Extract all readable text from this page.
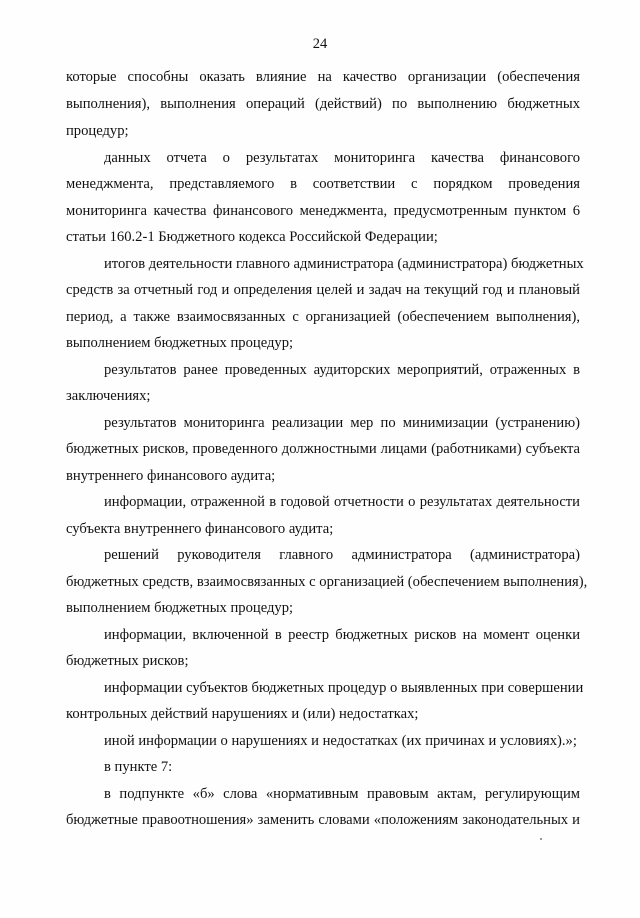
24
которые способны оказать влияние на качество организации (обеспечения
выполнения), выполнения операций (действий) по выполнению бюджетных
процедур;
данных отчета о результатах мониторинга качества финансового
менеджмента, представляемого в соответствии с порядком проведения
мониторинга качества финансового менеджмента, предусмотренным пунктом 6
статьи 160.2-1 Бюджетного кодекса Российской Федерации;
итогов деятельности главного администратора (администратора) бюджетных
средств за отчетный год и определения целей и задач на текущий год и плановый
период, а также взаимосвязанных с организацией (обеспечением выполнения),
выполнением бюджетных процедур;
результатов ранее проведенных аудиторских мероприятий, отраженных в
заключениях;
результатов мониторинга реализации мер по минимизации (устранению)
бюджетных рисков, проведенного должностными лицами (работниками) субъекта
внутреннего финансового аудита;
информации, отраженной в годовой отчетности о результатах деятельности
субъекта внутреннего финансового аудита;
решений руководителя главного администратора (администратора)
бюджетных средств, взаимосвязанных с организацией (обеспечением выполнения),
выполнением бюджетных процедур;
информации, включенной в реестр бюджетных рисков на момент оценки
бюджетных рисков;
информации субъектов бюджетных процедур о выявленных при совершении
контрольных действий нарушениях и (или) недостатках;
иной информации о нарушениях и недостатках (их причинах и условиях).»;
в пункте 7:
в подпункте «б» слова «нормативным правовым актам, регулирующим
бюджетные правоотношения» заменить словами «положениям законодательных и
